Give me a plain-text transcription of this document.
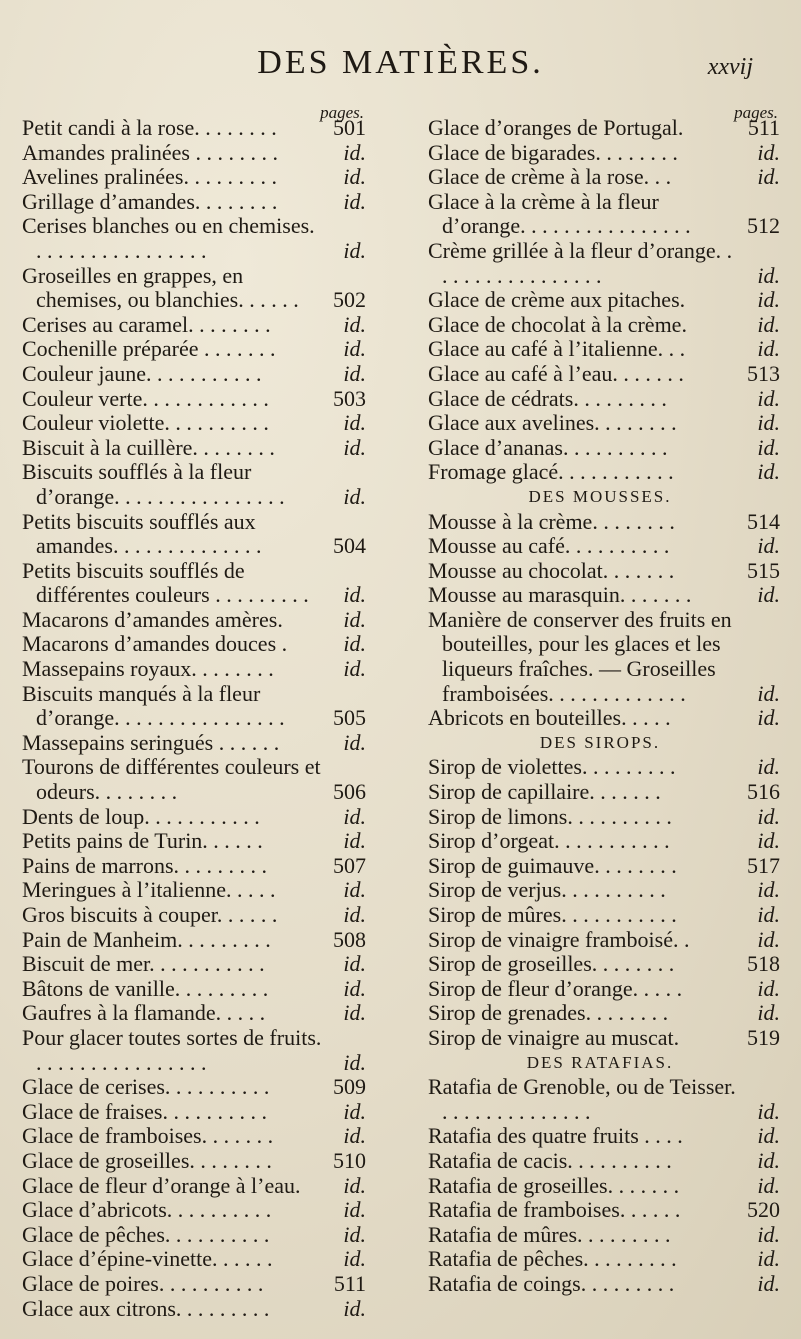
DES MATIÈRES.	xxvij
pages.
Petit candi à la rose. . . . . . . .	501
Amandes pralinées . . . . . . . .	id.
Avelines pralinées. . . . . . . . .	id.
Grillage d’amandes. . . . . . . .	id.
Cerises blanches ou en chemises. . . . . . . . . . . . . . . . .	id.
Groseilles en grappes, en chemises, ou blanchies. . . . . .	502
Cerises au caramel. . . . . . . .	id.
Cochenille préparée . . . . . . .	id.
Couleur jaune. . . . . . . . . . .	id.
Couleur verte. . . . . . . . . . . .	503
Couleur violette. . . . . . . . . .	id.
Biscuit à la cuillère. . . . . . . .	id.
Biscuits soufflés à la fleur d’orange. . . . . . . . . . . . . . . .	id.
Petits biscuits soufflés aux amandes. . . . . . . . . . . . . .	504
Petits biscuits soufflés de différentes couleurs . . . . . . . . .	id.
Macarons d’amandes amères.	id.
Macarons d’amandes douces .	id.
Massepains royaux. . . . . . . .	id.
Biscuits manqués à la fleur d’orange. . . . . . . . . . . . . . . .	505
Massepains seringués . . . . . .	id.
Tourons de différentes couleurs et odeurs. . . . . . . .	506
Dents de loup. . . . . . . . . . .	id.
Petits pains de Turin. . . . . .	id.
Pains de marrons. . . . . . . . .	507
Meringues à l’italienne. . . . .	id.
Gros biscuits à couper. . . . . .	id.
Pain de Manheim. . . . . . . . .	508
Biscuit de mer. . . . . . . . . . .	id.
Bâtons de vanille. . . . . . . . .	id.
Gaufres à la flamande. . . . .	id.
Pour glacer toutes sortes de fruits. . . . . . . . . . . . . . . . .	id.
Glace de cerises. . . . . . . . . .	509
Glace de fraises. . . . . . . . . .	id.
Glace de framboises. . . . . . .	id.
Glace de groseilles. . . . . . . .	510
Glace de fleur d’orange à l’eau.	id.
Glace d’abricots. . . . . . . . . .	id.
Glace de pêches. . . . . . . . . .	id.
Glace d’épine-vinette. . . . . .	id.
Glace de poires. . . . . . . . . .	511
Glace aux citrons. . . . . . . . .	id.
pages.
Glace d’oranges de Portugal.	511
Glace de bigarades. . . . . . . .	id.
Glace de crème à la rose. . .	id.
Glace à la crème à la fleur d’orange. . . . . . . . . . . . . . . .	512
Crème grillée à la fleur d’orange. . . . . . . . . . . . . . . . .	id.
Glace de crème aux pitaches.	id.
Glace de chocolat à la crème.	id.
Glace au café à l’italienne. . .	id.
Glace au café à l’eau. . . . . . .	513
Glace de cédrats. . . . . . . . .	id.
Glace aux avelines. . . . . . . .	id.
Glace d’ananas. . . . . . . . . .	id.
Fromage glacé. . . . . . . . . . .	id.
DES MOUSSES.
Mousse à la crème. . . . . . . .	514
Mousse au café. . . . . . . . . .	id.
Mousse au chocolat. . . . . . .	515
Mousse au marasquin. . . . . . .	id.
Manière de conserver des fruits en bouteilles, pour les glaces et les liqueurs fraîches. — Groseilles framboisées. . . . . . . . . . . . .	id.
Abricots en bouteilles. . . . .	id.
DES SIROPS.
Sirop de violettes. . . . . . . . .	id.
Sirop de capillaire. . . . . . .	516
Sirop de limons. . . . . . . . . .	id.
Sirop d’orgeat. . . . . . . . . . .	id.
Sirop de guimauve. . . . . . . .	517
Sirop de verjus. . . . . . . . . .	id.
Sirop de mûres. . . . . . . . . . .	id.
Sirop de vinaigre framboisé. .	id.
Sirop de groseilles. . . . . . . .	518
Sirop de fleur d’orange. . . . .	id.
Sirop de grenades. . . . . . . .	id.
Sirop de vinaigre au muscat.	519
DES RATAFIAS.
Ratafia de Grenoble, ou de Teisser. . . . . . . . . . . . . . .	id.
Ratafia des quatre fruits . . . .	id.
Ratafia de cacis. . . . . . . . . .	id.
Ratafia de groseilles. . . . . . .	id.
Ratafia de framboises. . . . . .	520
Ratafia de mûres. . . . . . . . .	id.
Ratafia de pêches. . . . . . . . .	id.
Ratafia de coings. . . . . . . . .	id.
